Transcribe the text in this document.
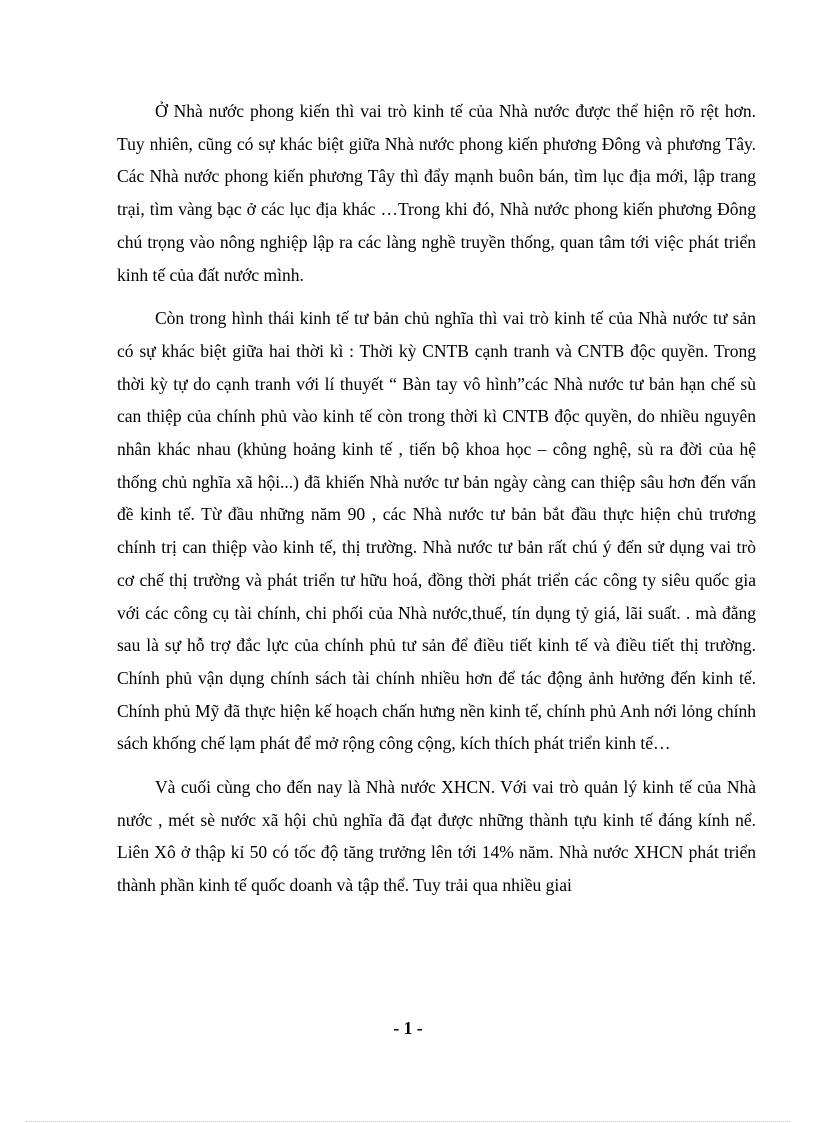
Ở Nhà nước phong kiến thì vai trò kinh tế của Nhà nước được thể hiện rõ rệt hơn. Tuy nhiên, cũng có sự khác biệt giữa Nhà nước phong kiến phương Đông và phương Tây. Các Nhà nước phong kiến phương Tây thì đẩy mạnh buôn bán, tìm lục địa mới, lập trang trại, tìm vàng bạc ở các lục địa khác …Trong khi đó, Nhà nước phong kiến phương Đông chú trọng vào nông nghiệp lập ra các làng nghề truyền thống, quan tâm tới việc phát triển kinh tế của đất nước mình.

Còn trong hình thái kinh tế tư bản chủ nghĩa thì vai trò kinh tế của Nhà nước tư sản có sự khác biệt giữa hai thời kì : Thời kỳ CNTB cạnh tranh và CNTB độc quyền. Trong thời kỳ tự do cạnh tranh với lí thuyết “ Bàn tay vô hình”các Nhà nước tư bản hạn chế sù can thiệp của chính phủ vào kinh tế còn trong thời kì CNTB độc quyền, do nhiều nguyên nhân khác nhau (khủng hoảng kinh tế , tiến bộ khoa học – công nghệ, sù ra đời của hệ thống chủ nghĩa xã hội...) đã khiến Nhà nước tư bản ngày càng can thiệp sâu hơn đến vấn đề kinh tế. Từ đầu những năm 90 , các Nhà nước tư bản bắt đầu thực hiện chủ trương chính trị can thiệp vào kinh tế, thị trường. Nhà nước tư bản rất chú ý đến sử dụng vai trò cơ chế thị trường và phát triển tư hữu hoá, đồng thời phát triển các công ty siêu quốc gia với các công cụ tài chính, chi phối của Nhà nước,thuế, tín dụng tỷ giá, lãi suất. . mà đằng sau là sự hỗ trợ đắc lực của chính phủ tư sản để điều tiết kinh tế và điều tiết thị trường. Chính phủ vận dụng chính sách tài chính nhiều hơn để tác động ảnh hưởng đến kinh tế. Chính phủ Mỹ đã thực hiện kế hoạch chấn hưng nền kinh tế, chính phủ Anh nới lỏng chính sách khống chế lạm phát để mở rộng công cộng, kích thích phát triển kinh tế…

Và cuối cùng cho đến nay là Nhà nước XHCN. Với vai trò quản lý kinh tế của Nhà nước , mét sè nước xã hội chủ nghĩa đã đạt được những thành tựu kinh tế đáng kính nể. Liên Xô ở thập kỉ 50 có tốc độ tăng trưởng lên tới 14% năm. Nhà nước XHCN phát triển thành phần kinh tế quốc doanh và tập thể. Tuy trải qua nhiều giai

- 1 -
